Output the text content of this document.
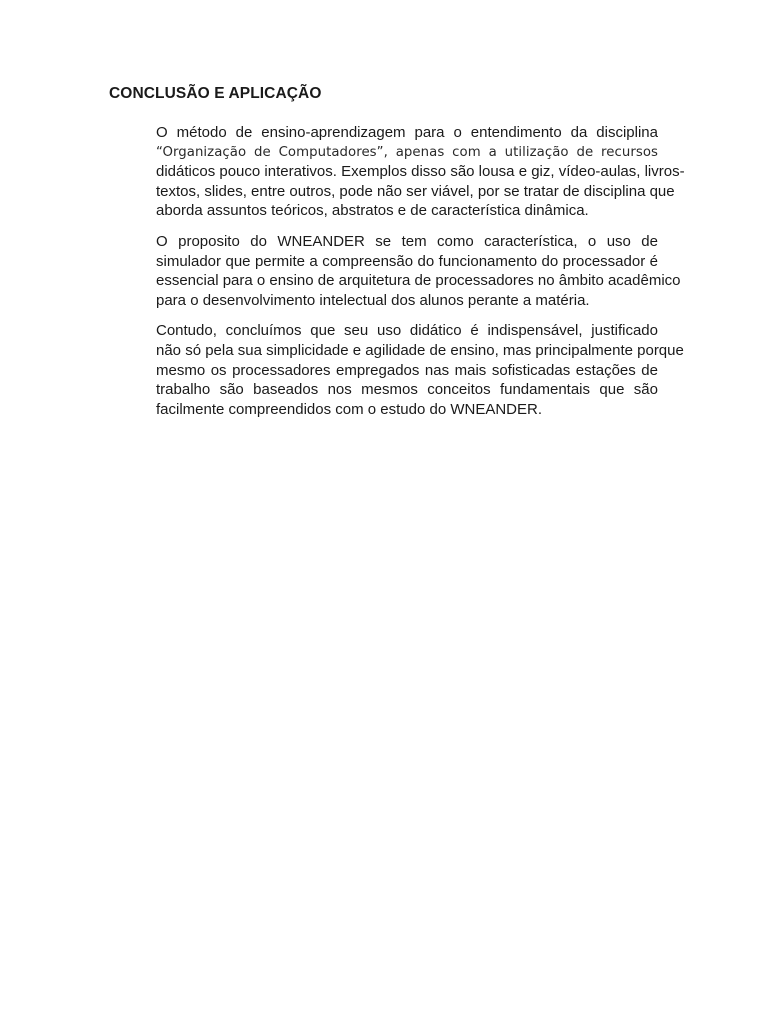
CONCLUSÃO E APLICAÇÃO
O método de ensino-aprendizagem para o entendimento da disciplina
“Organização de Computadores”, apenas com a utilização de recursos
didáticos pouco interativos. Exemplos disso são lousa e giz, vídeo-aulas, livros-
textos, slides, entre outros, pode não ser viável, por se tratar de disciplina que
aborda assuntos teóricos, abstratos e de característica dinâmica.
O proposito do WNEANDER se tem como característica, o uso de
simulador que permite a compreensão do funcionamento do processador é
essencial para o ensino de arquitetura de processadores no âmbito acadêmico
para o desenvolvimento intelectual dos alunos perante a matéria.
Contudo, concluímos que seu uso didático é indispensável, justificado
não só pela sua simplicidade e agilidade de ensino, mas principalmente porque
mesmo os processadores empregados nas mais sofisticadas estações de
trabalho são baseados nos mesmos conceitos fundamentais que são
facilmente compreendidos com o estudo do WNEANDER.
